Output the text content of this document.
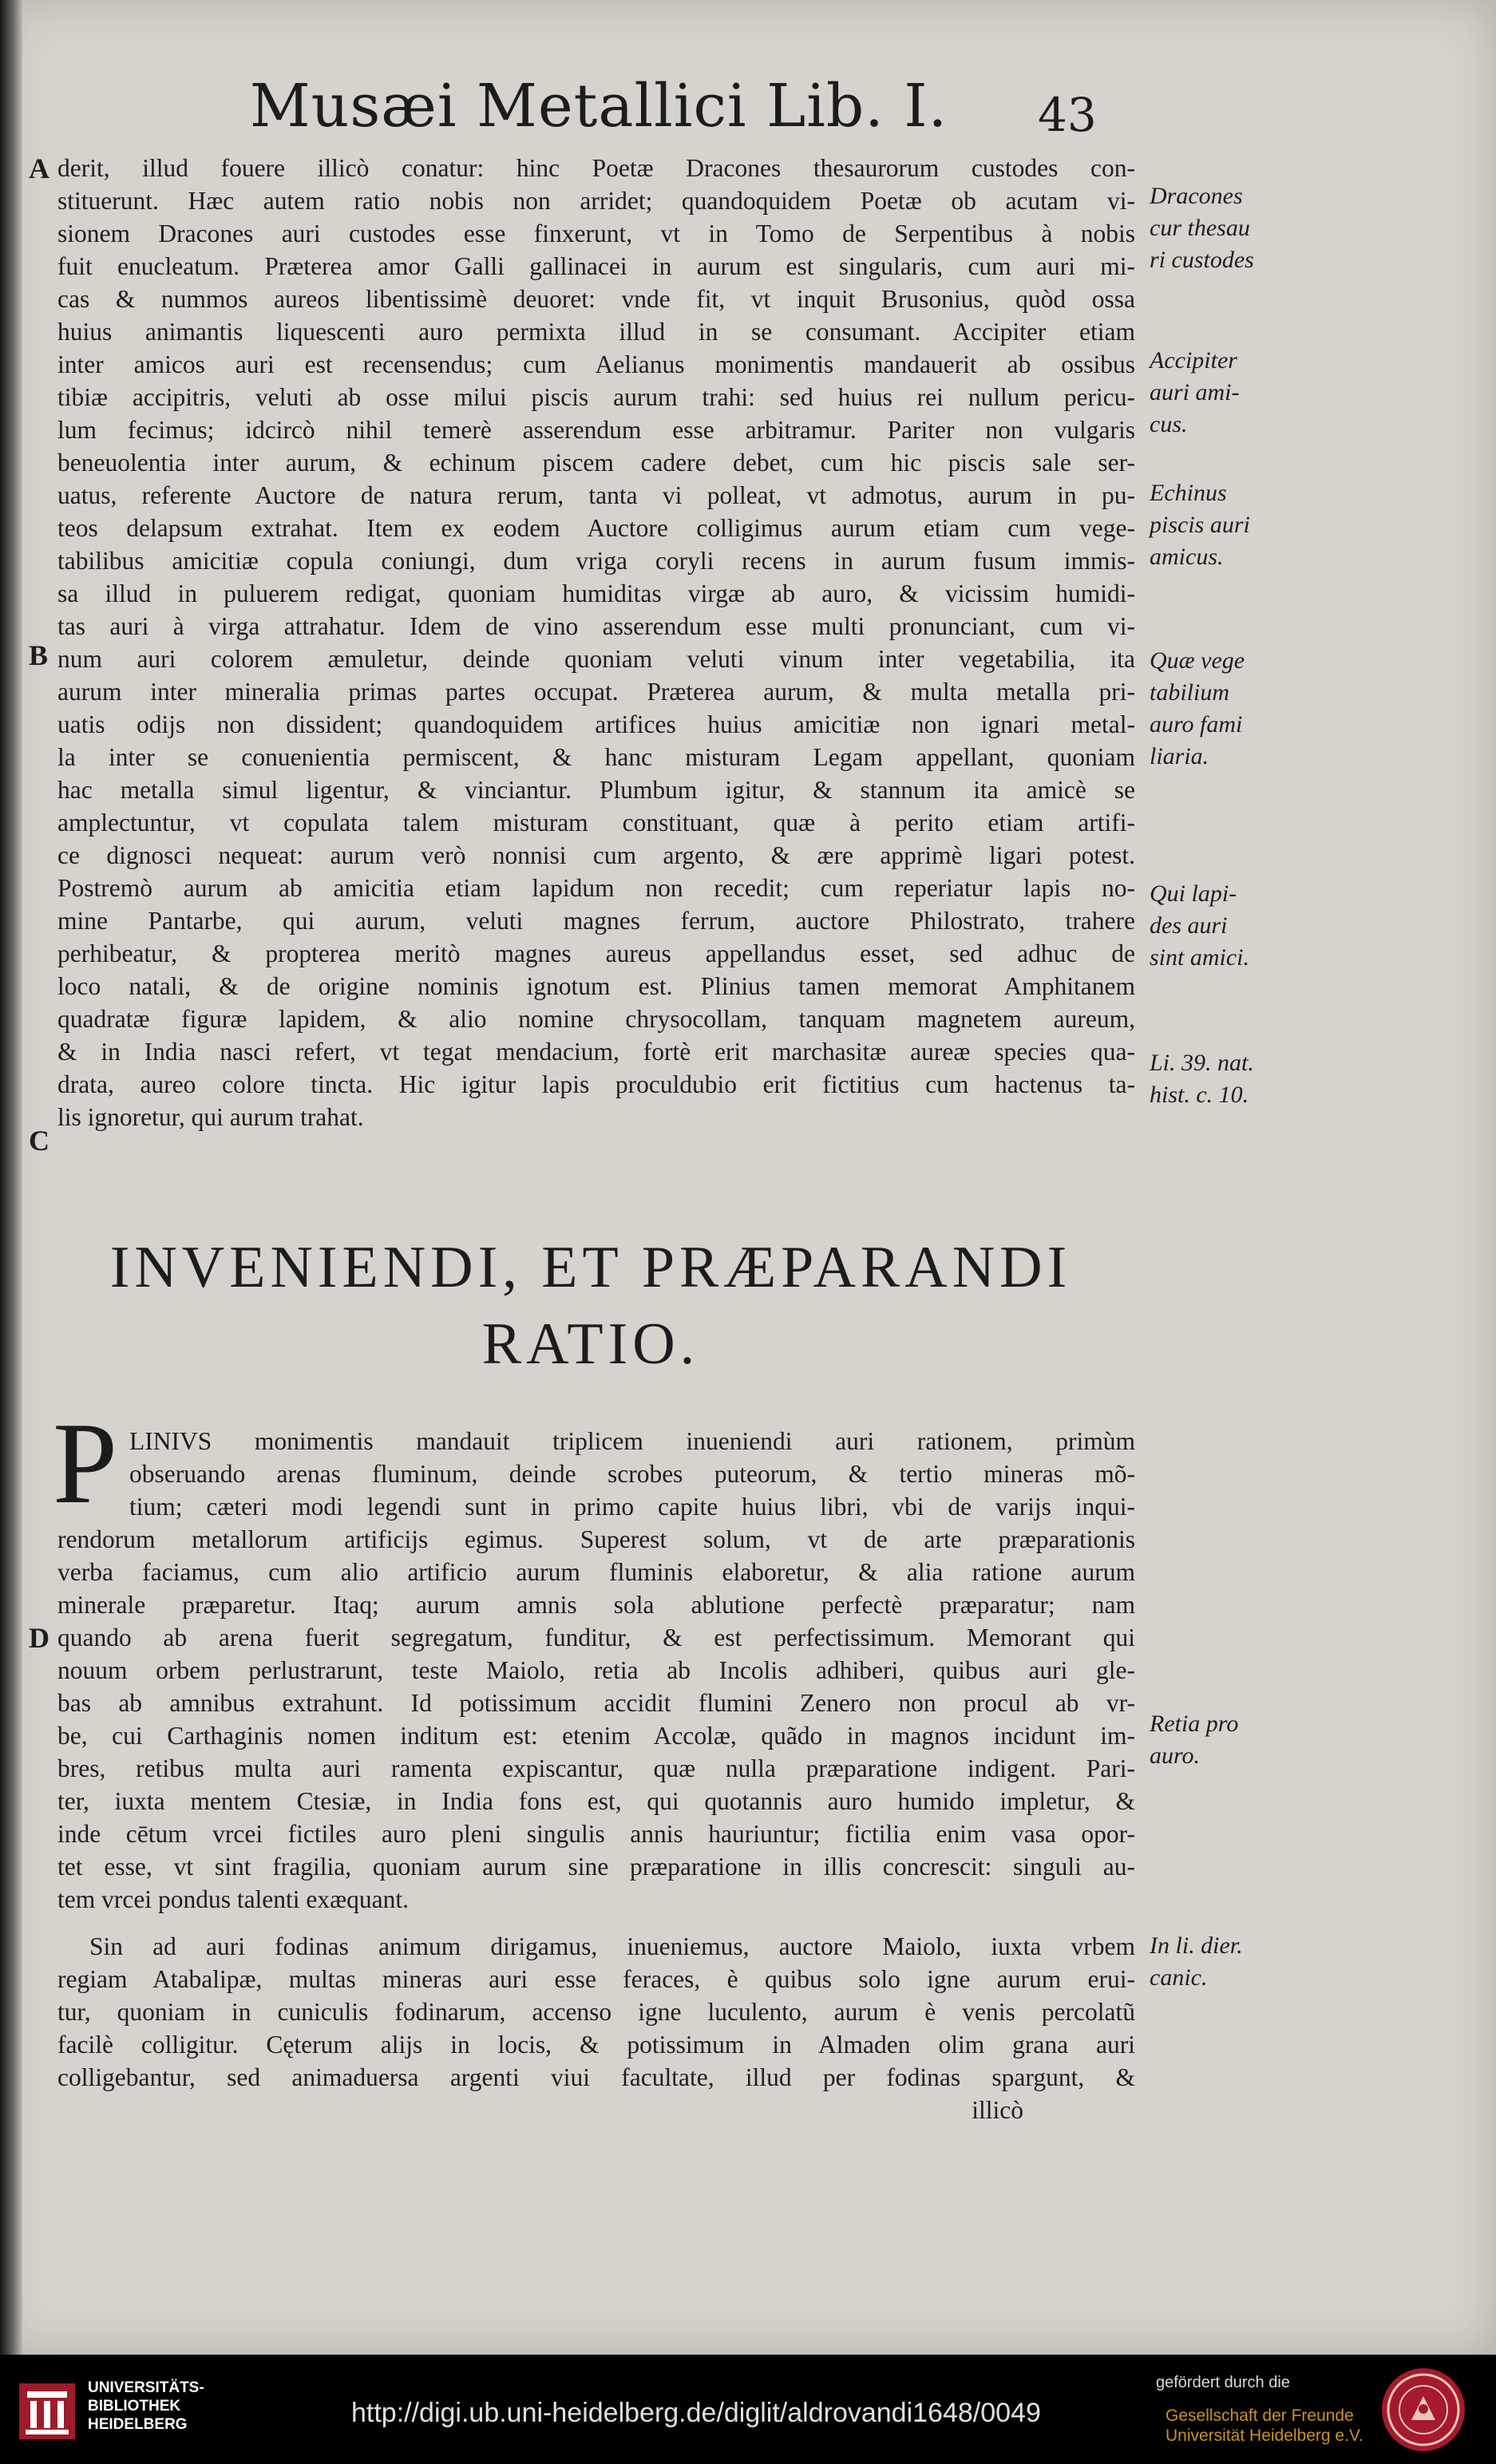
Musæi Metallici Lib. I. 43
A
B
C
D
derit, illud fouere illicò conatur: hinc Poetæ Dracones thesaurorum custodes con-
stituerunt. Hæc autem ratio nobis non arridet; quandoquidem Poetæ ob acutam vi-
sionem Dracones auri custodes esse finxerunt, vt in Tomo de Serpentibus à nobis
fuit enucleatum. Præterea amor Galli gallinacei in aurum est singularis, cum auri mi-
cas & nummos aureos libentissimè deuoret: vnde fit, vt inquit Brusonius, quòd ossa
huius animantis liquescenti auro permixta illud in se consumant. Accipiter etiam
inter amicos auri est recensendus; cum Aelianus monimentis mandauerit ab ossibus
tibiæ accipitris, veluti ab osse milui piscis aurum trahi: sed huius rei nullum pericu-
lum fecimus; idcircò nihil temerè asserendum esse arbitramur. Pariter non vulgaris
beneuolentia inter aurum, & echinum piscem cadere debet, cum hic piscis sale ser-
uatus, referente Auctore de natura rerum, tanta vi polleat, vt admotus, aurum in pu-
teos delapsum extrahat. Item ex eodem Auctore colligimus aurum etiam cum vege-
tabilibus amicitiæ copula coniungi, dum vriga coryli recens in aurum fusum immis-
sa illud in puluerem redigat, quoniam humiditas virgæ ab auro, & vicissim humidi-
tas auri à virga attrahatur. Idem de vino asserendum esse multi pronunciant, cum vi-
num auri colorem æmuletur, deinde quoniam veluti vinum inter vegetabilia, ita
aurum inter mineralia primas partes occupat. Præterea aurum, & multa metalla pri-
uatis odijs non dissident; quandoquidem artifices huius amicitiæ non ignari metal-
la inter se conuenientia permiscent, & hanc misturam Legam appellant, quoniam
hac metalla simul ligentur, & vinciantur. Plumbum igitur, & stannum ita amicè se
amplectuntur, vt copulata talem misturam constituant, quæ à perito etiam artifi-
ce dignosci nequeat: aurum verò nonnisi cum argento, & ære apprimè ligari potest.
Postremò aurum ab amicitia etiam lapidum non recedit; cum reperiatur lapis no-
mine Pantarbe, qui aurum, veluti magnes ferrum, auctore Philostrato, trahere
perhibeatur, & propterea meritò magnes aureus appellandus esset, sed adhuc de
loco natali, & de origine nominis ignotum est. Plinius tamen memorat Amphitanem
quadratæ figuræ lapidem, & alio nomine chrysocollam, tanquam magnetem aureum,
& in India nasci refert, vt tegat mendacium, fortè erit marchasitæ aureæ species qua-
drata, aureo colore tincta. Hic igitur lapis proculdubio erit fictitius cum hactenus ta-
lis ignoretur, qui aurum trahat.
INVENIENDI, ET PRÆPARANDI
RATIO.
P LINIVS monimentis mandauit triplicem inueniendi auri rationem, primùm
obseruando arenas fluminum, deinde scrobes puteorum, & tertio mineras mõ-
tium; cæteri modi legendi sunt in primo capite huius libri, vbi de varijs inqui-
rendorum metallorum artificijs egimus. Superest solum, vt de arte præparationis
verba faciamus, cum alio artificio aurum fluminis elaboretur, & alia ratione aurum
minerale præparetur. Itaq; aurum amnis sola ablutione perfectè præparatur; nam
quando ab arena fuerit segregatum, funditur, & est perfectissimum. Memorant qui
nouum orbem perlustrarunt, teste Maiolo, retia ab Incolis adhiberi, quibus auri gle-
bas ab amnibus extrahunt. Id potissimum accidit flumini Zenero non procul ab vr-
be, cui Carthaginis nomen inditum est: etenim Accolæ, quãdo in magnos incidunt im-
bres, retibus multa auri ramenta expiscantur, quæ nulla præparatione indigent. Pari-
ter, iuxta mentem Ctesiæ, in India fons est, qui quotannis auro humido impletur, &
inde cētum vrcei fictiles auro pleni singulis annis hauriuntur; fictilia enim vasa opor-
tet esse, vt sint fragilia, quoniam aurum sine præparatione in illis concrescit: singuli au-
tem vrcei pondus talenti exæquant.
Sin ad auri fodinas animum dirigamus, inueniemus, auctore Maiolo, iuxta vrbem
regiam Atabalipæ, multas mineras auri esse feraces, è quibus solo igne aurum erui-
tur, quoniam in cuniculis fodinarum, accenso igne luculento, aurum è venis percolatũ
facilè colligitur. Cęterum alijs in locis, & potissimum in Almaden olim grana auri
colligebantur, sed animaduersa argenti viui facultate, illud per fodinas spargunt, &
illicò
Dracones
cur thesau
ri custodes
Accipiter
auri ami-
cus.
Echinus
piscis auri
amicus.
Quæ vege
tabilium
auro fami
liaria.
Qui lapi-
des auri
sint amici.
Li. 39. nat.
hist. c. 10.
Retia pro
auro.
In li. dier.
canic.
UNIVERSITÄTS-
BIBLIOTHEK
HEIDELBERG	http://digi.ub.uni-heidelberg.de/diglit/aldrovandi1648/0049
gefördert durch die
Gesellschaft der Freunde
Universität Heidelberg e.V.
